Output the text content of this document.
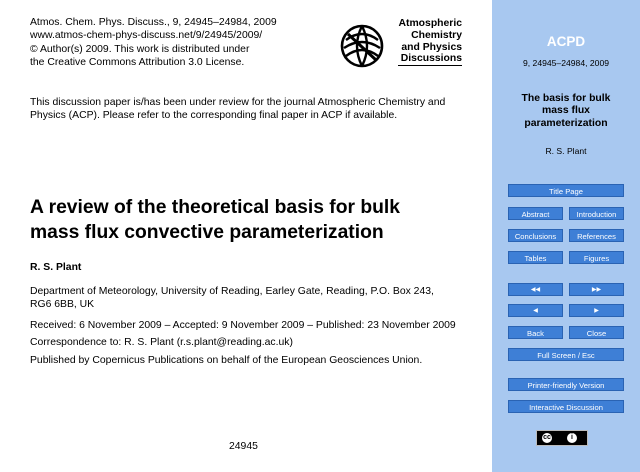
Atmos. Chem. Phys. Discuss., 9, 24945–24984, 2009
www.atmos-chem-phys-discuss.net/9/24945/2009/
© Author(s) 2009. This work is distributed under
the Creative Commons Attribution 3.0 License.
Atmospheric
Chemistry
and Physics
Discussions
This discussion paper is/has been under review for the journal Atmospheric Chemistry and Physics (ACP). Please refer to the corresponding final paper in ACP if available.
A review of the theoretical basis for bulk
mass flux convective parameterization
R. S. Plant
Department of Meteorology, University of Reading, Earley Gate, Reading, P.O. Box 243,
RG6 6BB, UK
Received: 6 November 2009 – Accepted: 9 November 2009 – Published: 23 November 2009
Correspondence to: R. S. Plant (r.s.plant@reading.ac.uk)
Published by Copernicus Publications on behalf of the European Geosciences Union.
24945
ACPD
9, 24945–24984, 2009
The basis for bulk
mass flux
parameterization
R. S. Plant
Title Page
Abstract	Introduction
Conclusions	References
Tables	Figures
◀◀	▶▶
◀	▶
Back	Close
Full Screen / Esc
Printer-friendly Version
Interactive Discussion
cc	i
